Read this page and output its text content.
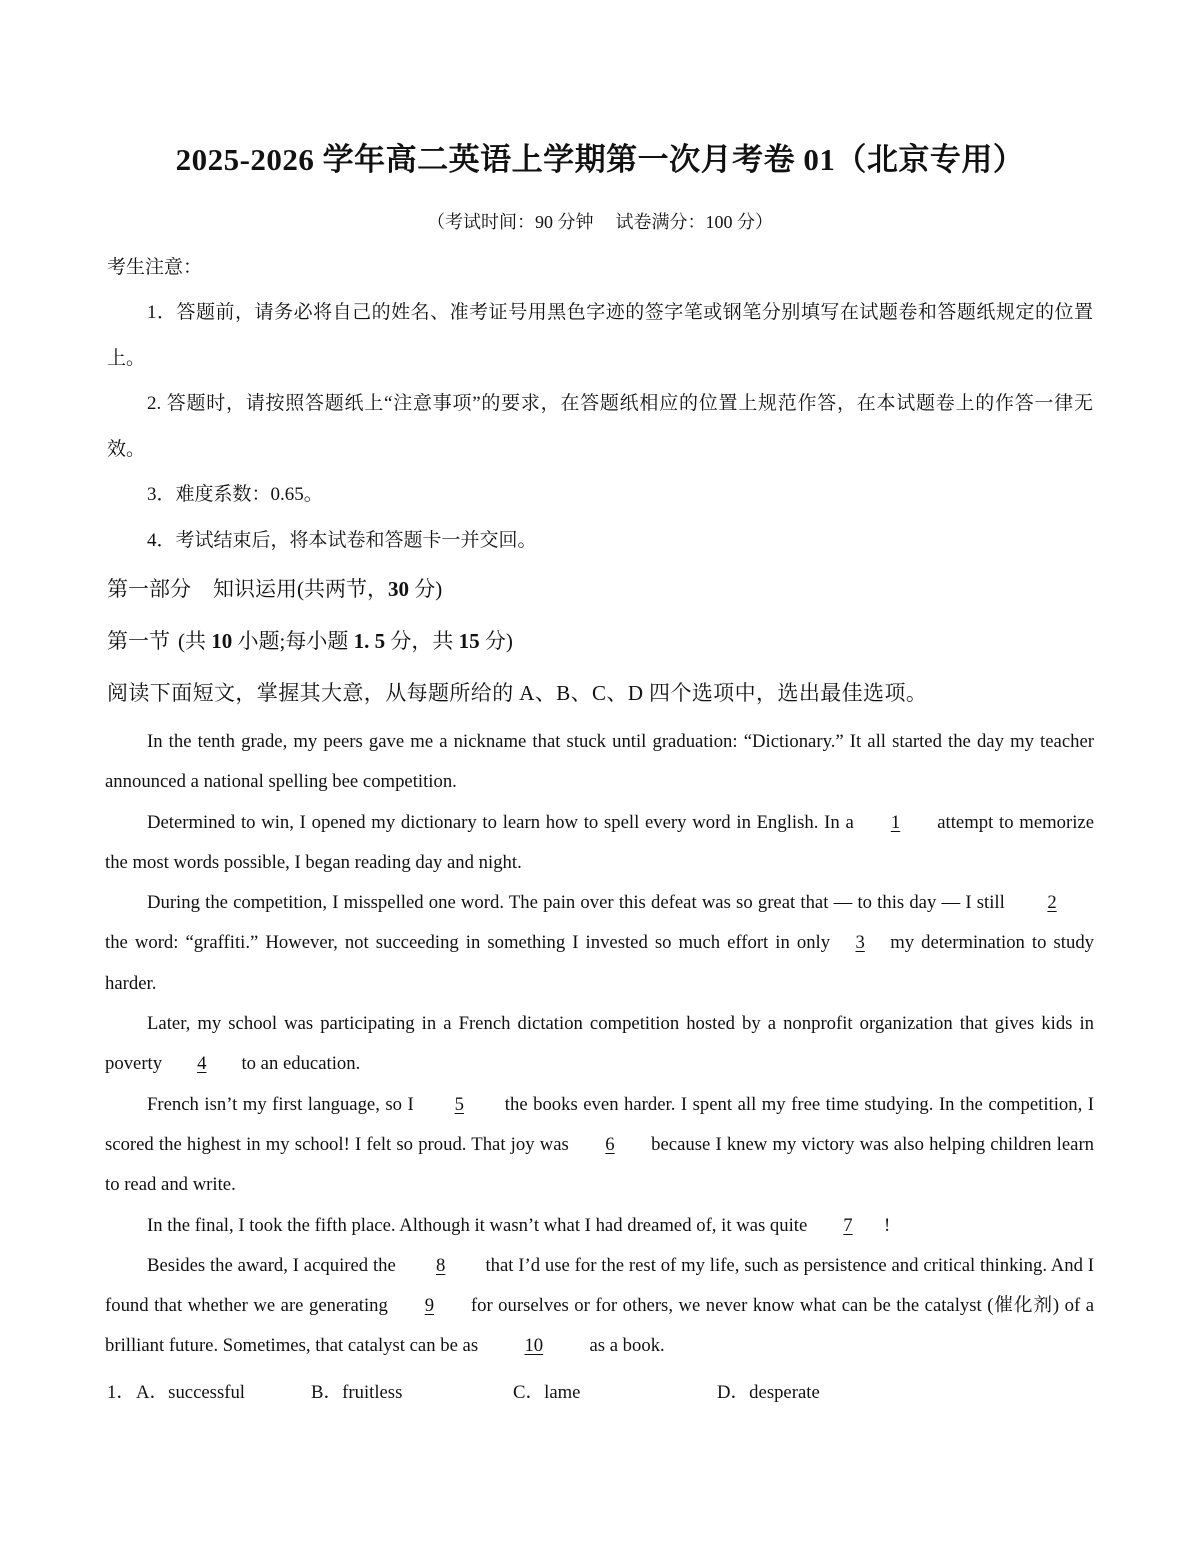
2025-2026 学年高二英语上学期第一次月考卷 01（北京专用）
（考试时间：90 分钟 试卷满分：100 分）
考生注意：
1．答题前，请务必将自己的姓名、准考证号用黑色字迹的签字笔或钢笔分别填写在试题卷和答题纸规定的位置上。
2. 答题时，请按照答题纸上“注意事项”的要求，在答题纸相应的位置上规范作答，在本试题卷上的作答一律无效。
3．难度系数：0.65。
4．考试结束后，将本试卷和答题卡一并交回。
第一部分 知识运用(共两节，30 分)
第一节 (共 10 小题;每小题 1. 5 分，共 15 分)
阅读下面短文，掌握其大意，从每题所给的 A、B、C、D 四个选项中，选出最佳选项。

In the tenth grade, my peers gave me a nickname that stuck until graduation: “Dictionary.” It all started the day my teacher announced a national spelling bee competition.

Determined to win, I opened my dictionary to learn how to spell every word in English. In a 1 attempt to memorize the most words possible, I began reading day and night.

During the competition, I misspelled one word. The pain over this defeat was so great that — to this day — I still 2 the word: “graffiti.” However, not succeeding in something I invested so much effort in only 3 my determination to study harder.

Later, my school was participating in a French dictation competition hosted by a nonprofit organization that gives kids in poverty 4 to an education.

French isn’t my first language, so I 5 the books even harder. I spent all my free time studying. In the competition, I scored the highest in my school! I felt so proud. That joy was 6 because I knew my victory was also helping children learn to read and write.

In the final, I took the fifth place. Although it wasn’t what I had dreamed of, it was quite 7 !

Besides the award, I acquired the 8 that I’d use for the rest of my life, such as persistence and critical thinking. And I found that whether we are generating 9 for ourselves or for others, we never know what can be the catalyst (催化剂) of a brilliant future. Sometimes, that catalyst can be as 10 as a book.

1． A．successful	B．fruitless	C．lame	D．desperate
